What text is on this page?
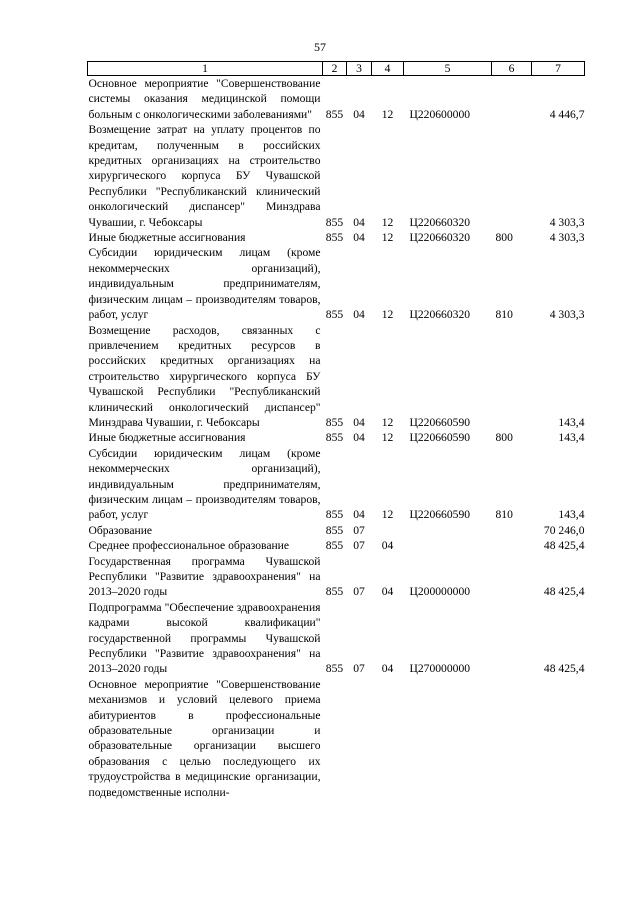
57
1	2	3	4	5	6	7
Основное мероприятие "Совершенствование системы оказания медицинской помощи больным с онкологическими заболеваниями"	855	04	12	Ц220600000		4 446,7
Возмещение затрат на уплату процентов по кредитам, полученным в российских кредитных организациях на строительство хирургического корпуса БУ Чувашской Республики "Республиканский клинический онкологический диспансер" Минздрава Чувашии, г. Чебоксары	855	04	12	Ц220660320		4 303,3
Иные бюджетные ассигнования	855	04	12	Ц220660320	800	4 303,3
Субсидии юридическим лицам (кроме некоммерческих организаций), индивидуальным предпринимателям, физическим лицам – производителям товаров, работ, услуг	855	04	12	Ц220660320	810	4 303,3
Возмещение расходов, связанных с привлечением кредитных ресурсов в российских кредитных организациях на строительство хирургического корпуса БУ Чувашской Республики "Республиканский клинический онкологический диспансер" Минздрава Чувашии, г. Чебоксары	855	04	12	Ц220660590		143,4
Иные бюджетные ассигнования	855	04	12	Ц220660590	800	143,4
Субсидии юридическим лицам (кроме некоммерческих организаций), индивидуальным предпринимателям, физическим лицам – производителям товаров, работ, услуг	855	04	12	Ц220660590	810	143,4
Образование	855	07				70 246,0
Среднее профессиональное образование	855	07	04			48 425,4
Государственная программа Чувашской Республики "Развитие здравоохранения" на 2013–2020 годы	855	07	04	Ц200000000		48 425,4
Подпрограмма "Обеспечение здравоохранения кадрами высокой квалификации" государственной программы Чувашской Республики "Развитие здравоохранения" на 2013–2020 годы	855	07	04	Ц270000000		48 425,4
Основное мероприятие "Совершенствование механизмов и условий целевого приема абитуриентов в профессиональные образовательные организации и образовательные организации высшего образования с целью последующего их трудоустройства в медицинские организации, подведомственные исполни-						
